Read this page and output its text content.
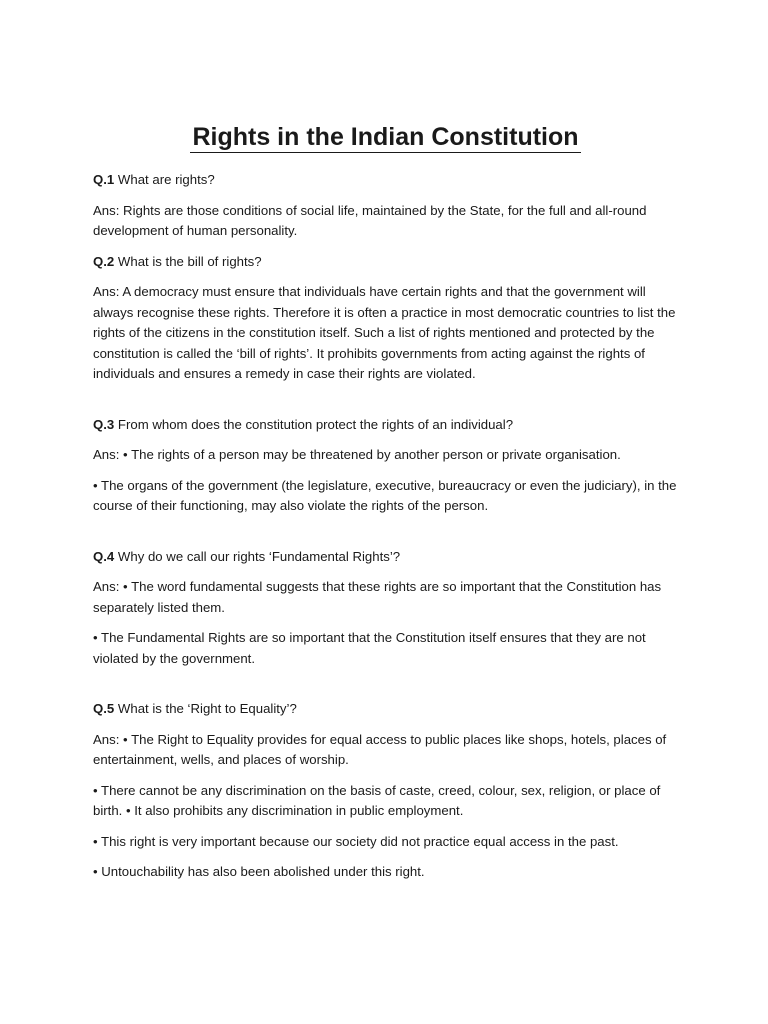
Rights in the Indian Constitution

Q.1 What are rights?

Ans: Rights are those conditions of social life, maintained by the State, for the full and all-round development of human personality.

Q.2 What is the bill of rights?

Ans: A democracy must ensure that individuals have certain rights and that the government will always recognise these rights. Therefore it is often a practice in most democratic countries to list the rights of the citizens in the constitution itself. Such a list of rights mentioned and protected by the constitution is called the ‘bill of rights’. It prohibits governments from acting against the rights of individuals and ensures a remedy in case their rights are violated.

Q.3 From whom does the constitution protect the rights of an individual?

Ans: • The rights of a person may be threatened by another person or private organisation.

• The organs of the government (the legislature, executive, bureaucracy or even the judiciary), in the course of their functioning, may also violate the rights of the person.

Q.4 Why do we call our rights ‘Fundamental Rights’?

Ans: • The word fundamental suggests that these rights are so important that the Constitution has separately listed them.

• The Fundamental Rights are so important that the Constitution itself ensures that they are not violated by the government.

Q.5 What is the ‘Right to Equality’?

Ans: • The Right to Equality provides for equal access to public places like shops, hotels, places of entertainment, wells, and places of worship.

• There cannot be any discrimination on the basis of caste, creed, colour, sex, religion, or place of birth. • It also prohibits any discrimination in public employment.

• This right is very important because our society did not practice equal access in the past.

• Untouchability has also been abolished under this right.
